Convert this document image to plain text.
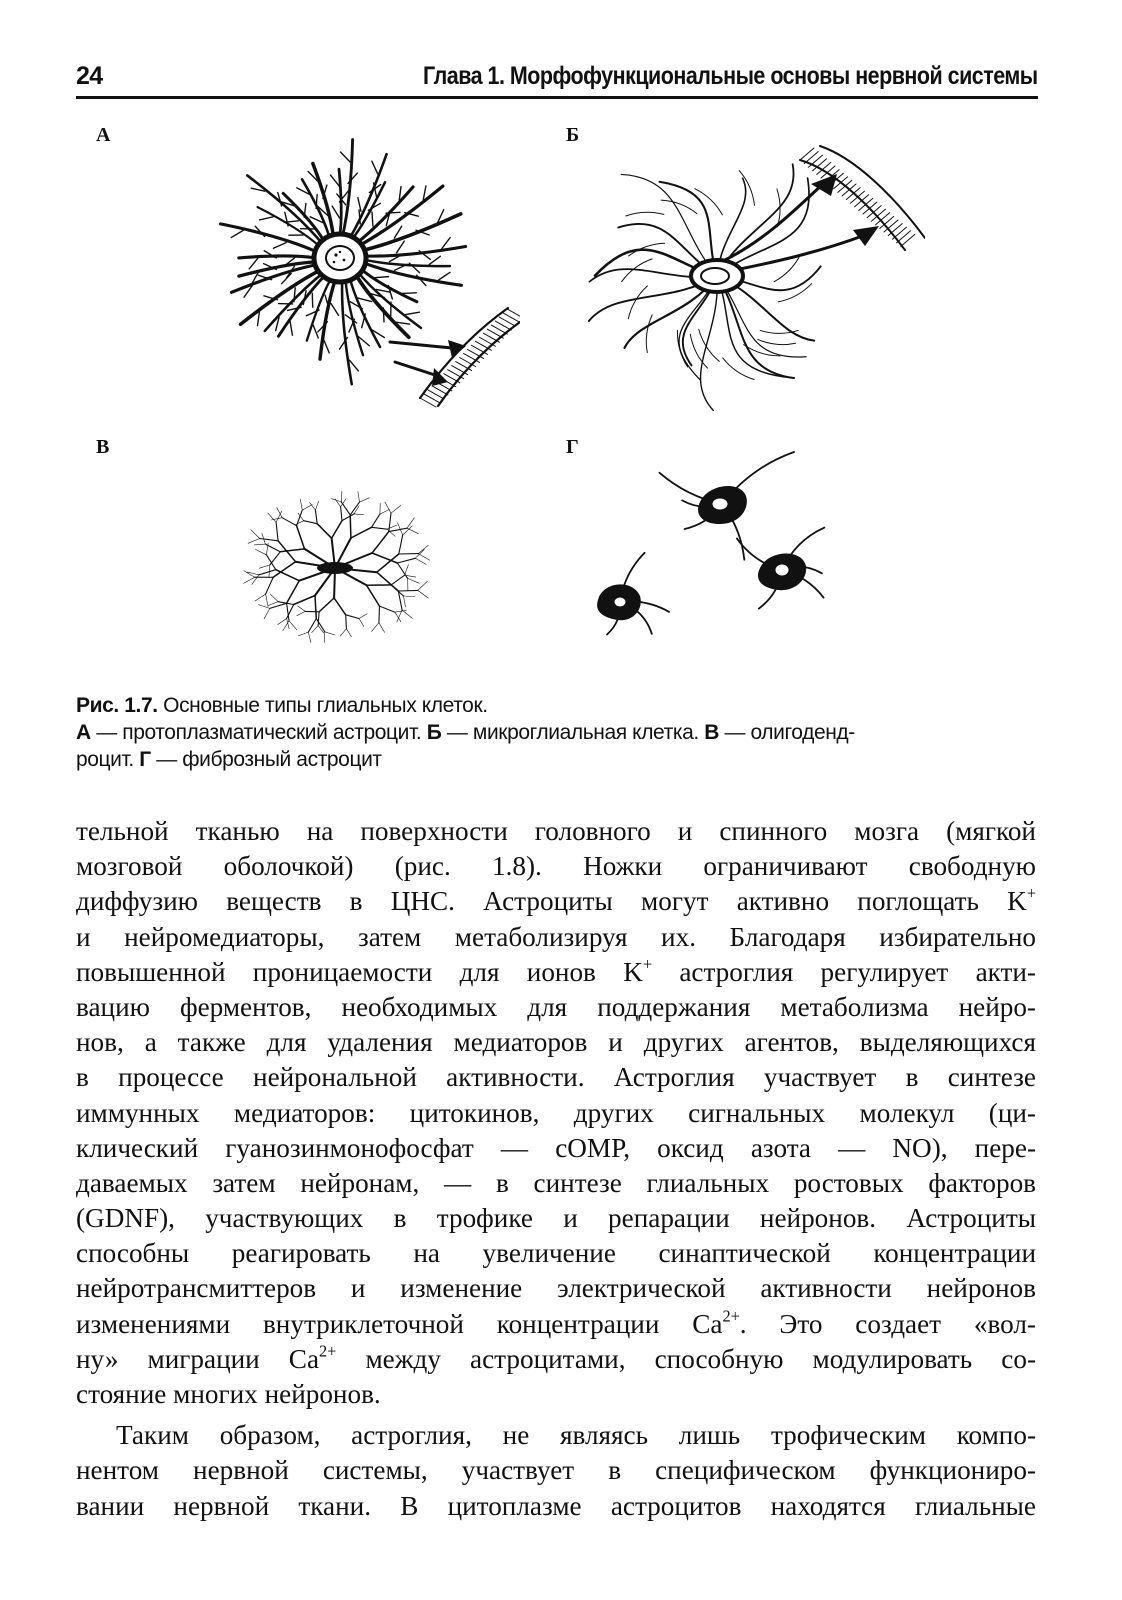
24	Глава 1. Морфофункциональные основы нервной системы
А	Б
В	Г
Рис. 1.7. Основные типы глиальных клеток.
А — протоплазматический астроцит. Б — микроглиальная клетка. В — олигоденд-
роцит. Г — фиброзный астроцит
тельной тканью на поверхности головного и спинного мозга (мягкой
мозговой оболочкой) (рис. 1.8). Ножки ограничивают свободную
диффузию веществ в ЦНС. Астроциты могут активно поглощать K+
и нейромедиаторы, затем метаболизируя их. Благодаря избирательно
повышенной проницаемости для ионов K+ астроглия регулирует акти-
вацию ферментов, необходимых для поддержания метаболизма нейро-
нов, а также для удаления медиаторов и других агентов, выделяющихся
в процессе нейрональной активности. Астроглия участвует в синтезе
иммунных медиаторов: цитокинов, других сигнальных молекул (ци-
клический гуанозинмонофосфат — cOMP, оксид азота — NO), пере-
даваемых затем нейронам, — в синтезе глиальных ростовых факторов
(GDNF), участвующих в трофике и репарации нейронов. Астроциты
способны реагировать на увеличение синаптической концентрации
нейротрансмиттеров и изменение электрической активности нейронов
изменениями внутриклеточной концентрации $Ca^{2+}$. Это создает «вол-
ну» миграции $Ca^{2+}$ между астроцитами, способную модулировать со-
стояние многих нейронов.
Таким образом, астроглия, не являясь лишь трофическим компо-
нентом нервной системы, участвует в специфическом функциониро-
вании нервной ткани. В цитоплазме астроцитов находятся глиальные
